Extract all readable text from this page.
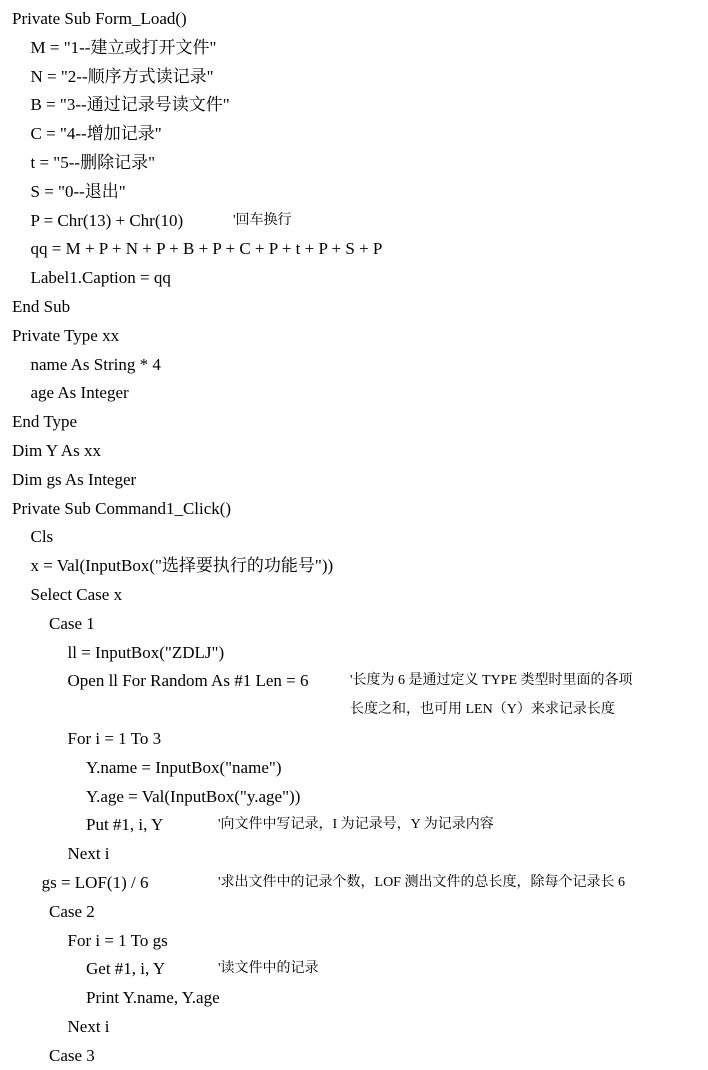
Private Sub Form_Load()
M = "1--建立或打开文件"
N = "2--顺序方式读记录"
B = "3--通过记录号读文件"
C = "4--增加记录"
t = "5--删除记录"
S = "0--退出"
P = Chr(13) + Chr(10)	'回车换行
qq = M + P + N + P + B + P + C + P + t + P + S + P
Label1.Caption = qq
End Sub
Private Type xx
name As String * 4
age As Integer
End Type
Dim Y As xx
Dim gs As Integer
Private Sub Command1_Click()
Cls
x = Val(InputBox("选择要执行的功能号"))
Select Case x
Case 1
ll = InputBox("ZDLJ")
Open ll For Random As #1 Len = 6	'长度为 6 是通过定义 TYPE 类型时里面的各项
长度之和，也可用 LEN（Y）来求记录长度
For i = 1 To 3
Y.name = InputBox("name")
Y.age = Val(InputBox("y.age"))
Put #1, i, Y	'向文件中写记录，I 为记录号，Y 为记录内容
Next i
gs = LOF(1) / 6	'求出文件中的记录个数，LOF 测出文件的总长度，除每个记录长 6
Case 2
For i = 1 To gs
Get #1, i, Y	'读文件中的记录
Print Y.name, Y.age
Next i
Case 3
